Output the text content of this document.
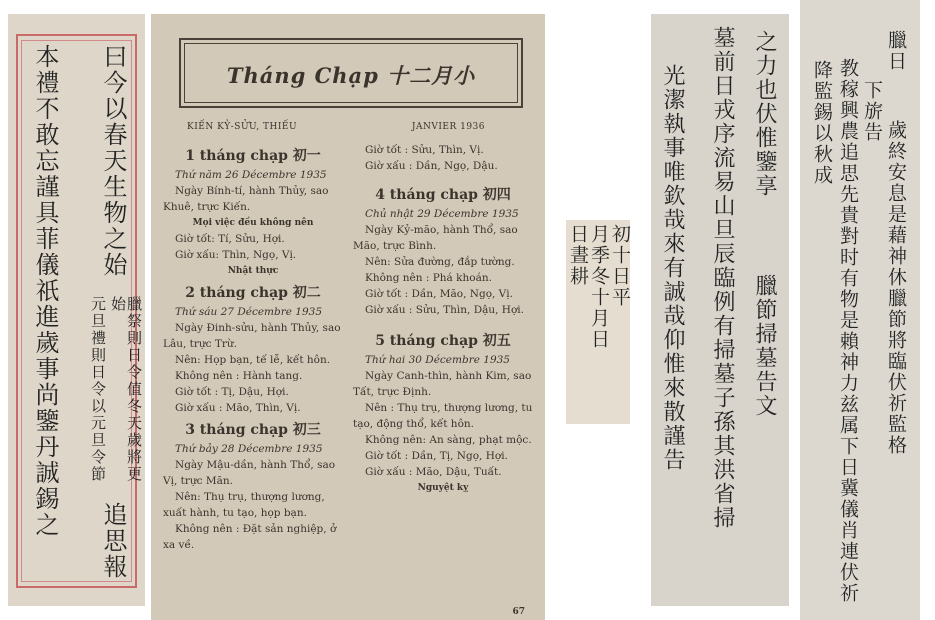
曰今以春天生物之始
元旦禮則日令以元旦令節	臘祭則日令值冬天歲將更始
追思報
本禮不敢忘謹具菲儀祇進歲事尚鑒丹誠錫之	Tháng Chạp 十二月小
KIẾN KỶ-SỬU, THIẾU	JANVIER 1936

1 tháng chạp 初一

Thứ năm 26 Décembre 1935

Ngày Bính-tí, hành Thủy, sao Khuê, trực Kiến.

Mọi việc đều không nên

Giờ tốt: Tí, Sửu, Hợi.

Giờ xấu: Thìn, Ngọ, Vị.

Nhật thực

2 tháng chạp 初二

Thứ sáu 27 Décembre 1935

Ngày Đinh-sửu, hành Thủy, sao Lâu, trực Trừ.

Nên: Họp bạn, tế lễ, kết hôn.

Không nên : Hành tang.

Giờ tốt : Tị, Dậu, Hợi.

Giờ xấu : Mão, Thìn, Vị.

3 tháng chạp 初三

Thứ bảy 28 Décembre 1935

Ngày Mậu-dần, hành Thổ, sao Vị, trực Mãn.

Nên: Thụ trụ, thượng lương, xuất hành, tu tạo, họp bạn.

Không nên : Đặt sản nghiệp, ở xa về.

Giờ tốt : Sửu, Thìn, Vị.

Giờ xấu : Dần, Ngọ, Dậu.

4 tháng chạp 初四

Chủ nhật 29 Décembre 1935

Ngày Kỷ-mão, hành Thổ, sao Mão, trực Bình.

Nên: Sửa đường, đắp tường.

Không nên : Phá khoán.

Giờ tốt : Dần, Mão, Ngọ, Vị.

Giờ xấu : Sửu, Thìn, Dậu, Hợi.

5 tháng chạp 初五

Thứ hai 30 Décembre 1935

Ngày Canh-thìn, hành Kim, sao Tất, trực Định.

Nên : Thụ trụ, thượng lương, tu tạo, động thổ, kết hôn.

Không nên: An sàng, phạt mộc.

Giờ tốt : Dần, Tị, Ngọ, Hợi.

Giờ xấu : Mão, Dậu, Tuất.

Nguyệt kỵ

67
初十日平
月季冬十月日
日晝耕
之力也伏惟鑒享
墓前日戎序流易山旦辰臨例有掃墓子孫其洪省掃
光潔執事唯欽哉來有誠哉仰惟來散謹告	臘節掃墓告文
臘日
下旂告
降監錫以秋成	歲終安息是藉神休臘節將臨伏祈監格
教稼興農追思先貴對时有物是賴神力兹属下日冀儀肖連伏祈
